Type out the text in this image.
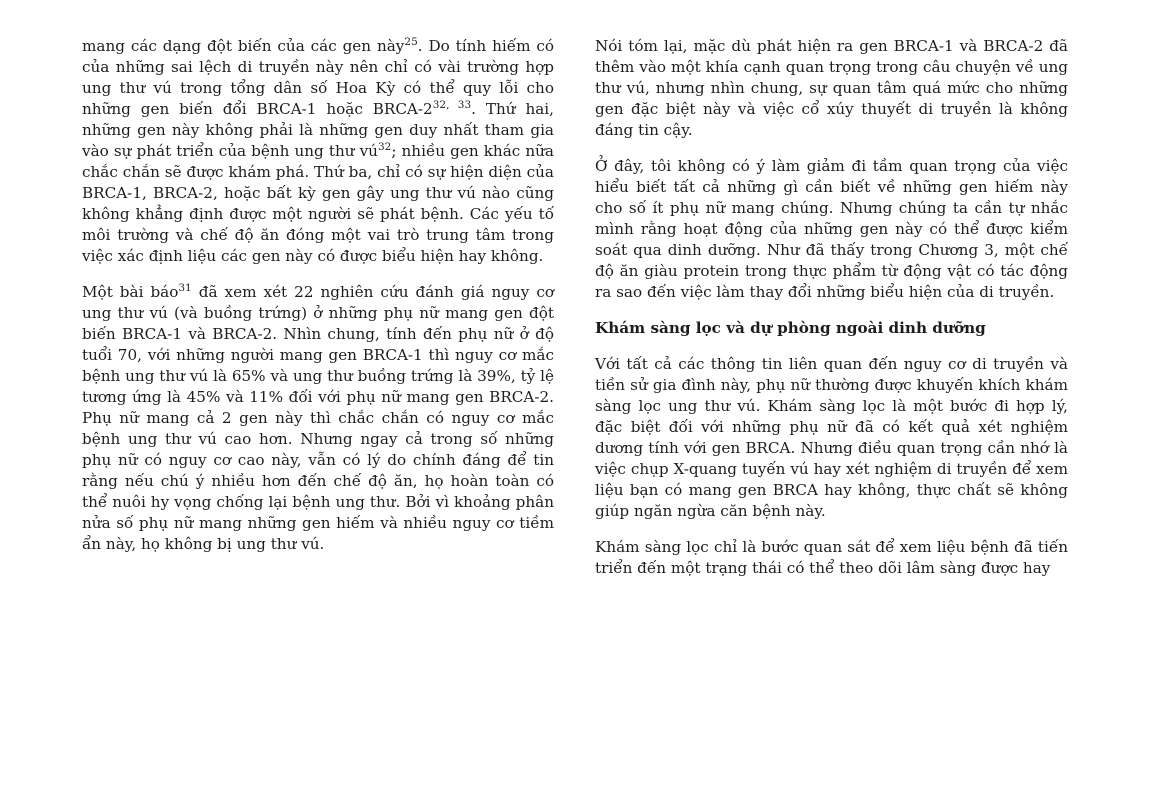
mang các dạng đột biến của các gen này$^{25}$. Do tính hiếm có của những sai lệch di truyền này nên chỉ có vài trường hợp ung thư vú trong tổng dân số Hoa Kỳ có thể quy lỗi cho những gen biến đổi BRCA-1 hoặc BRCA-2$^{32, 33}$. Thứ hai, những gen này không phải là những gen duy nhất tham gia vào sự phát triển của bệnh ung thư $vú^{32}$; nhiều gen khác nữa chắc chắn sẽ được khám phá. Thứ ba, chỉ có sự hiện diện của BRCA-1, BRCA-2, hoặc bất kỳ gen gây ung thư vú nào cũng không khẳng định được một người sẽ phát bệnh. Các yếu tố môi trường và chế độ ăn đóng một vai trò trung tâm trong việc xác định liệu các gen này có được biểu hiện hay không.

Một bài báo$^{31}$ đã xem xét 22 nghiên cứu đánh giá nguy cơ ung thư vú (và buồng trứng) ở những phụ nữ mang gen đột biến BRCA-1 và BRCA-2. Nhìn chung, tính đến phụ nữ ở độ tuổi 70, với những người mang gen BRCA-1 thì nguy cơ mắc bệnh ung thư vú là 65% và ung thư buồng trứng là 39%, tỷ lệ tương ứng là 45% và 11% đối với phụ nữ mang gen BRCA-2. Phụ nữ mang cả 2 gen này thì chắc chắn có nguy cơ mắc bệnh ung thư vú cao hơn. Nhưng ngay cả trong số những phụ nữ có nguy cơ cao này, vẫn có lý do chính đáng để tin rằng nếu chú ý nhiều hơn đến chế độ ăn, họ hoàn toàn có thể nuôi hy vọng chống lại bệnh ung thư. Bởi vì khoảng phân nửa số phụ nữ mang những gen hiếm và nhiều nguy cơ tiềm ẩn này, họ không bị ung thư vú.

Nói tóm lại, mặc dù phát hiện ra gen BRCA-1 và BRCA-2 đã thêm vào một khía cạnh quan trọng trong câu chuyện về ung thư vú, nhưng nhìn chung, sự quan tâm quá mức cho những gen đặc biệt này và việc cổ xúy thuyết di truyền là không đáng tin cậy.

Ở đây, tôi không có ý làm giảm đi tầm quan trọng của việc hiểu biết tất cả những gì cần biết về những gen hiếm này cho số ít phụ nữ mang chúng. Nhưng chúng ta cần tự nhắc mình rằng hoạt động của những gen này có thể được kiểm soát qua dinh dưỡng. Như đã thấy trong Chương 3, một chế độ ăn giàu protein trong thực phẩm từ động vật có tác động ra sao đến việc làm thay đổi những biểu hiện của di truyền.

Khám sàng lọc và dự phòng ngoài dinh dưỡng

Với tất cả các thông tin liên quan đến nguy cơ di truyền và tiền sử gia đình này, phụ nữ thường được khuyến khích khám sàng lọc ung thư vú. Khám sàng lọc là một bước đi hợp lý, đặc biệt đối với những phụ nữ đã có kết quả xét nghiệm dương tính với gen BRCA. Nhưng điều quan trọng cần nhớ là việc chụp X-quang tuyến vú hay xét nghiệm di truyền để xem liệu bạn có mang gen BRCA hay không, thực chất sẽ không giúp ngăn ngừa căn bệnh này.

Khám sàng lọc chỉ là bước quan sát để xem liệu bệnh đã tiến triển đến một trạng thái có thể theo dõi lâm sàng được hay
